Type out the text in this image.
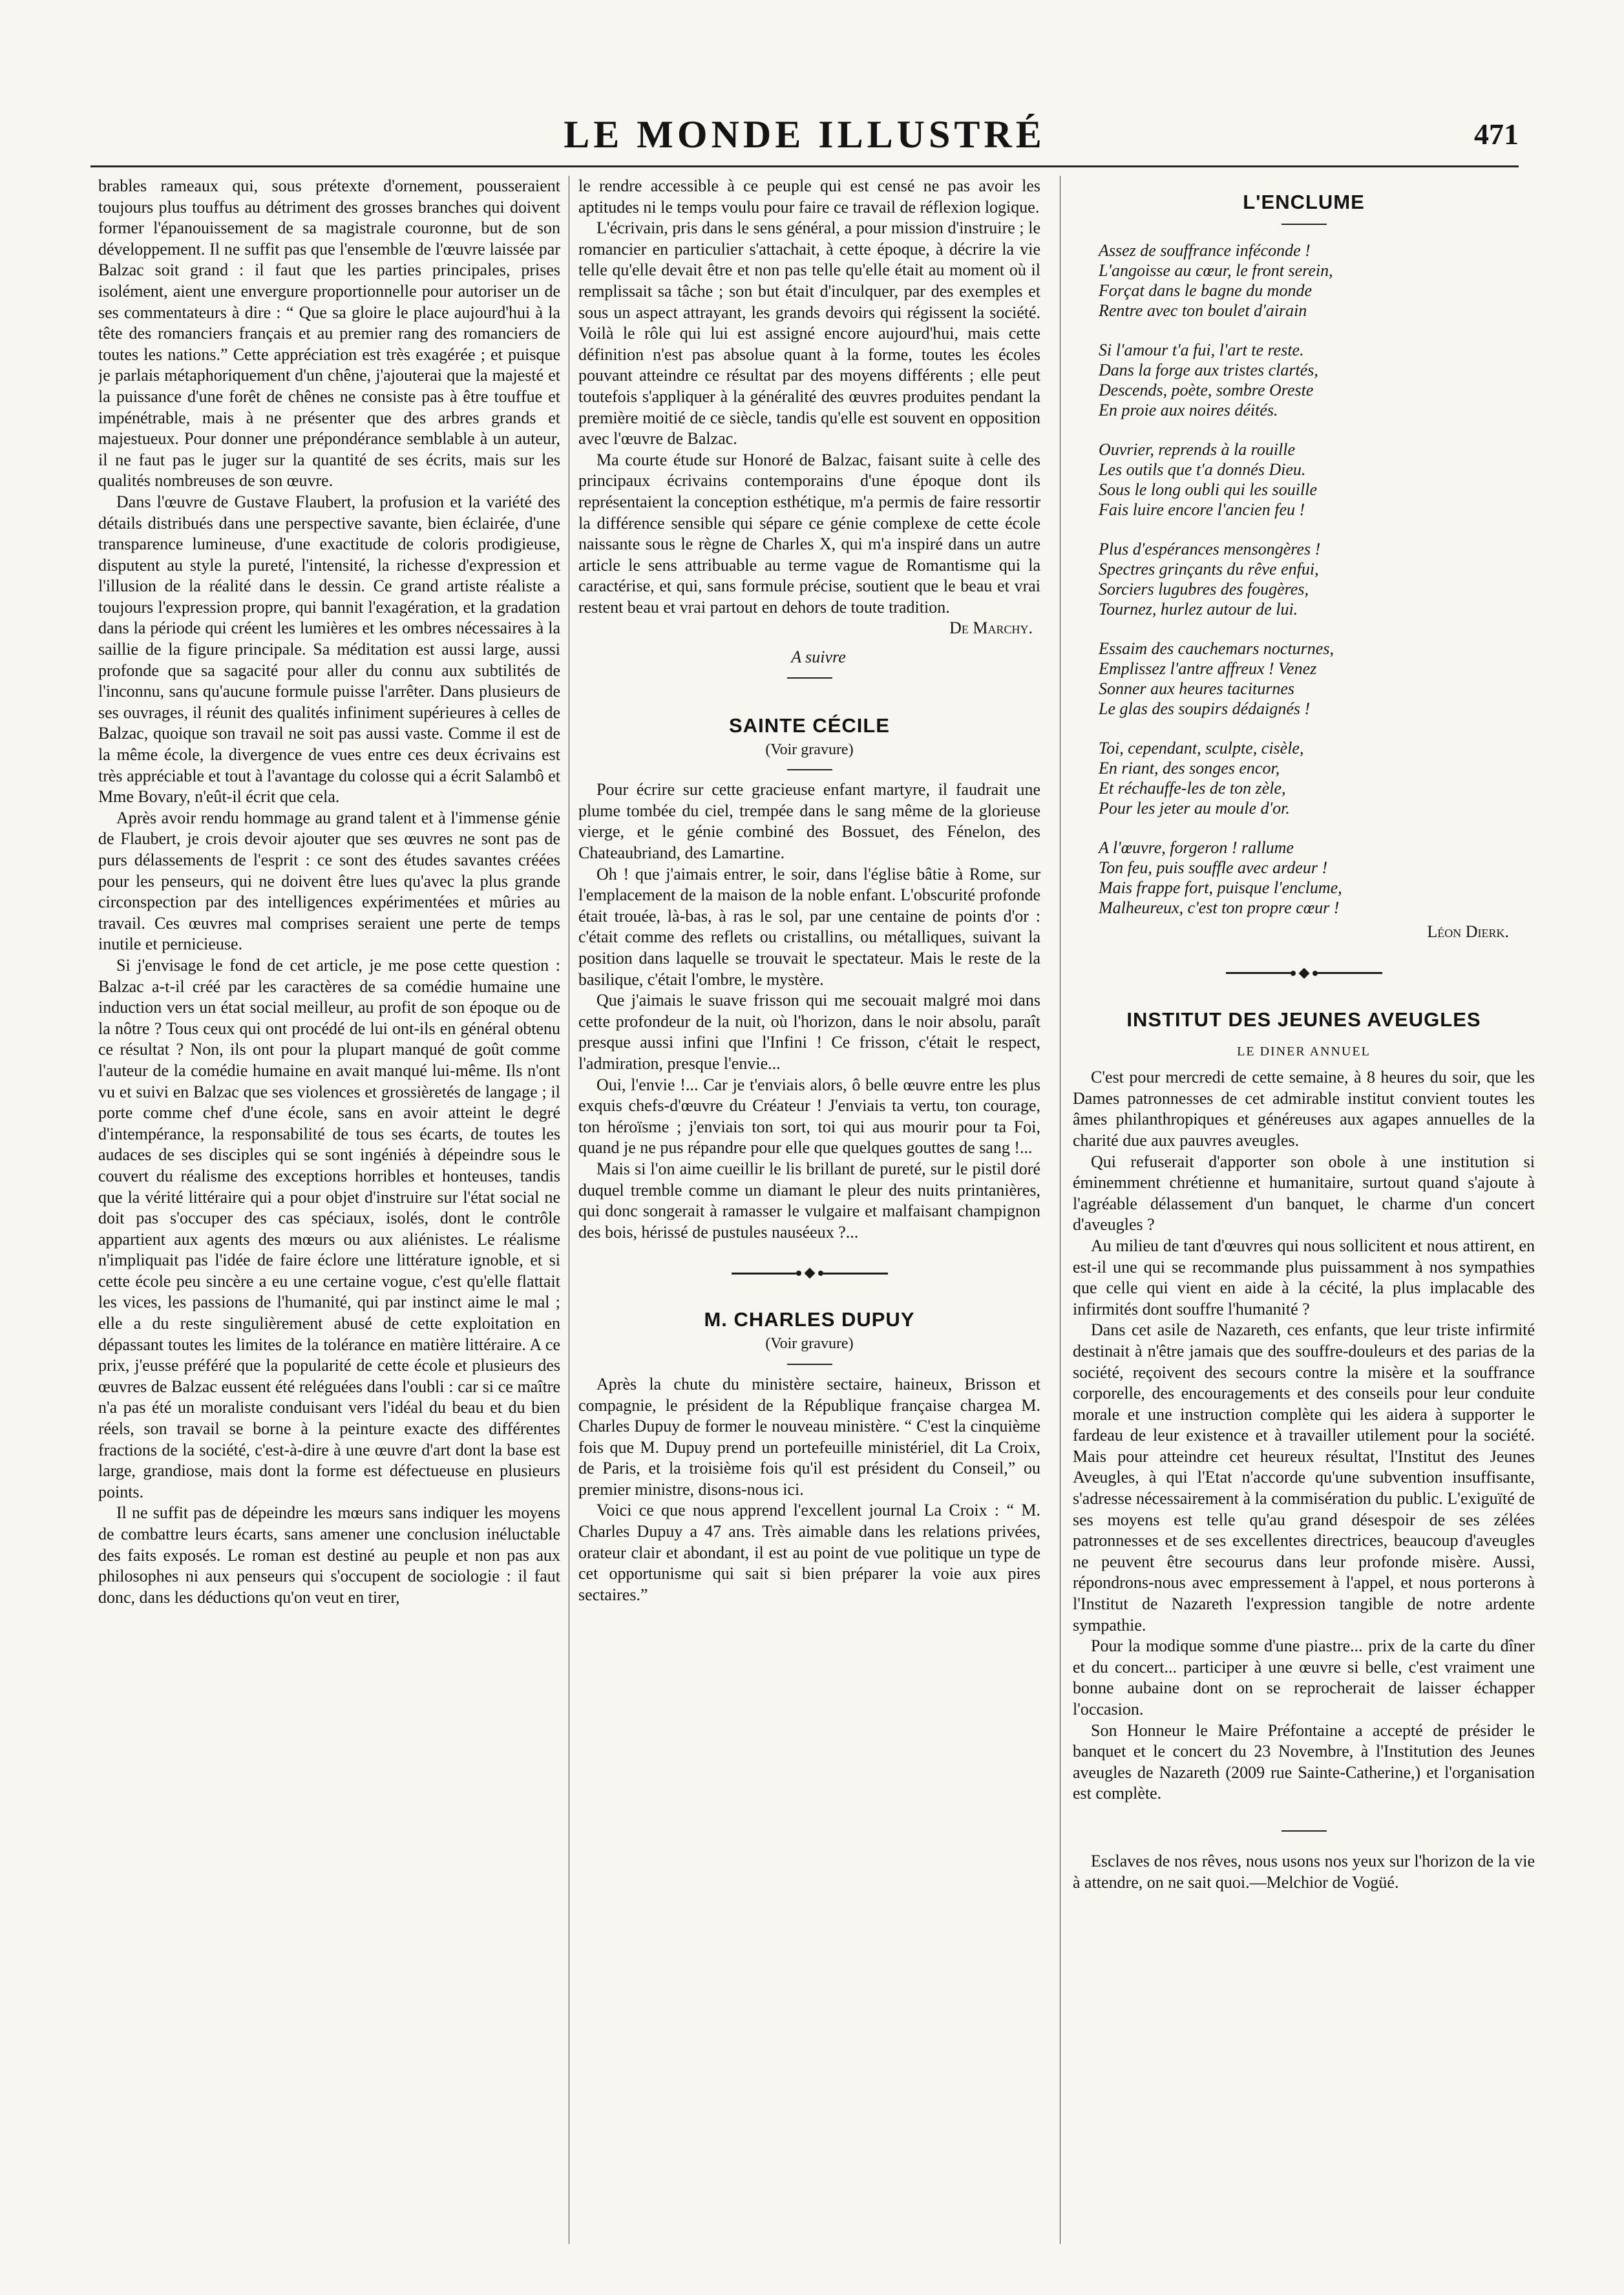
LE MONDE ILLUSTRÉ	471

brables rameaux qui, sous prétexte d'ornement, pousseraient toujours plus touffus au détriment des grosses branches qui doivent former l'épanouissement de sa magistrale couronne, but de son développement. Il ne suffit pas que l'ensemble de l'œuvre laissée par Balzac soit grand : il faut que les parties principales, prises isolément, aient une envergure proportionnelle pour autoriser un de ses commentateurs à dire : “ Que sa gloire le place aujourd'hui à la tête des romanciers français et au premier rang des romanciers de toutes les nations.” Cette appréciation est très exagérée ; et puisque je parlais métaphoriquement d'un chêne, j'ajouterai que la majesté et la puissance d'une forêt de chênes ne consiste pas à être touffue et impénétrable, mais à ne présenter que des arbres grands et majestueux. Pour donner une prépondérance semblable à un auteur, il ne faut pas le juger sur la quantité de ses écrits, mais sur les qualités nombreuses de son œuvre.

Dans l'œuvre de Gustave Flaubert, la profusion et la variété des détails distribués dans une perspective savante, bien éclairée, d'une transparence lumineuse, d'une exactitude de coloris prodigieuse, disputent au style la pureté, l'intensité, la richesse d'expression et l'illusion de la réalité dans le dessin. Ce grand artiste réaliste a toujours l'expression propre, qui bannit l'exagération, et la gradation dans la période qui créent les lumières et les ombres nécessaires à la saillie de la figure principale. Sa méditation est aussi large, aussi profonde que sa sagacité pour aller du connu aux subtilités de l'inconnu, sans qu'aucune formule puisse l'arrêter. Dans plusieurs de ses ouvrages, il réunit des qualités infiniment supérieures à celles de Balzac, quoique son travail ne soit pas aussi vaste. Comme il est de la même école, la divergence de vues entre ces deux écrivains est très appréciable et tout à l'avantage du colosse qui a écrit Salambô et Mme Bovary, n'eût-il écrit que cela.

Après avoir rendu hommage au grand talent et à l'immense génie de Flaubert, je crois devoir ajouter que ses œuvres ne sont pas de purs délassements de l'esprit : ce sont des études savantes créées pour les penseurs, qui ne doivent être lues qu'avec la plus grande circonspection par des intelligences expérimentées et mûries au travail. Ces œuvres mal comprises seraient une perte de temps inutile et pernicieuse.

Si j'envisage le fond de cet article, je me pose cette question : Balzac a-t-il créé par les caractères de sa comédie humaine une induction vers un état social meilleur, au profit de son époque ou de la nôtre ? Tous ceux qui ont procédé de lui ont-ils en général obtenu ce résultat ? Non, ils ont pour la plupart manqué de goût comme l'auteur de la comédie humaine en avait manqué lui-même. Ils n'ont vu et suivi en Balzac que ses violences et grossièretés de langage ; il porte comme chef d'une école, sans en avoir atteint le degré d'intempérance, la responsabilité de tous ses écarts, de toutes les audaces de ses disciples qui se sont ingéniés à dépeindre sous le couvert du réalisme des exceptions horribles et honteuses, tandis que la vérité littéraire qui a pour objet d'instruire sur l'état social ne doit pas s'occuper des cas spéciaux, isolés, dont le contrôle appartient aux agents des mœurs ou aux aliénistes. Le réalisme n'impliquait pas l'idée de faire éclore une littérature ignoble, et si cette école peu sincère a eu une certaine vogue, c'est qu'elle flattait les vices, les passions de l'humanité, qui par instinct aime le mal ; elle a du reste singulièrement abusé de cette exploitation en dépassant toutes les limites de la tolérance en matière littéraire. A ce prix, j'eusse préféré que la popularité de cette école et plusieurs des œuvres de Balzac eussent été reléguées dans l'oubli : car si ce maître n'a pas été un moraliste conduisant vers l'idéal du beau et du bien réels, son travail se borne à la peinture exacte des différentes fractions de la société, c'est-à-dire à une œuvre d'art dont la base est large, grandiose, mais dont la forme est défectueuse en plusieurs points.

Il ne suffit pas de dépeindre les mœurs sans indiquer les moyens de combattre leurs écarts, sans amener une conclusion inéluctable des faits exposés. Le roman est destiné au peuple et non pas aux philosophes ni aux penseurs qui s'occupent de sociologie : il faut donc, dans les déductions qu'on veut en tirer,

le rendre accessible à ce peuple qui est censé ne pas avoir les aptitudes ni le temps voulu pour faire ce travail de réflexion logique.

L'écrivain, pris dans le sens général, a pour mission d'instruire ; le romancier en particulier s'attachait, à cette époque, à décrire la vie telle qu'elle devait être et non pas telle qu'elle était au moment où il remplissait sa tâche ; son but était d'inculquer, par des exemples et sous un aspect attrayant, les grands devoirs qui régissent la société. Voilà le rôle qui lui est assigné encore aujourd'hui, mais cette définition n'est pas absolue quant à la forme, toutes les écoles pouvant atteindre ce résultat par des moyens différents ; elle peut toutefois s'appliquer à la généralité des œuvres produites pendant la première moitié de ce siècle, tandis qu'elle est souvent en opposition avec l'œuvre de Balzac.

Ma courte étude sur Honoré de Balzac, faisant suite à celle des principaux écrivains contemporains d'une époque dont ils représentaient la conception esthétique, m'a permis de faire ressortir la différence sensible qui sépare ce génie complexe de cette école naissante sous le règne de Charles X, qui m'a inspiré dans un autre article le sens attribuable au terme vague de Romantisme qui la caractérise, et qui, sans formule précise, soutient que le beau et vrai restent beau et vrai partout en dehors de toute tradition.

De Marchy.

A suivre

SAINTE CÉCILE
(Voir gravure)

Pour écrire sur cette gracieuse enfant martyre, il faudrait une plume tombée du ciel, trempée dans le sang même de la glorieuse vierge, et le génie combiné des Bossuet, des Fénelon, des Chateaubriand, des Lamartine.

Oh ! que j'aimais entrer, le soir, dans l'église bâtie à Rome, sur l'emplacement de la maison de la noble enfant. L'obscurité profonde était trouée, là-bas, à ras le sol, par une centaine de points d'or : c'était comme des reflets ou cristallins, ou métalliques, suivant la position dans laquelle se trouvait le spectateur. Mais le reste de la basilique, c'était l'ombre, le mystère.

Que j'aimais le suave frisson qui me secouait malgré moi dans cette profondeur de la nuit, où l'horizon, dans le noir absolu, paraît presque aussi infini que l'Infini ! Ce frisson, c'était le respect, l'admiration, presque l'envie...

Oui, l'envie !... Car je t'enviais alors, ô belle œuvre entre les plus exquis chefs-d'œuvre du Créateur ! J'enviais ta vertu, ton courage, ton héroïsme ; j'enviais ton sort, toi qui aus mourir pour ta Foi, quand je ne pus répandre pour elle que quelques gouttes de sang !...

Mais si l'on aime cueillir le lis brillant de pureté, sur le pistil doré duquel tremble comme un diamant le pleur des nuits printanières, qui donc songerait à ramasser le vulgaire et malfaisant champignon des bois, hérissé de pustules nauséeux ?...

M. CHARLES DUPUY
(Voir gravure)

Après la chute du ministère sectaire, haineux, Brisson et compagnie, le président de la République française chargea M. Charles Dupuy de former le nouveau ministère. “ C'est la cinquième fois que M. Dupuy prend un portefeuille ministériel, dit La Croix, de Paris, et la troisième fois qu'il est président du Conseil,” ou premier ministre, disons-nous ici.

Voici ce que nous apprend l'excellent journal La Croix : “ M. Charles Dupuy a 47 ans. Très aimable dans les relations privées, orateur clair et abondant, il est au point de vue politique un type de cet opportunisme qui sait si bien préparer la voie aux pires sectaires.”

L'ENCLUME
Assez de souffrance inféconde !
L'angoisse au cœur, le front serein,
Forçat dans le bagne du monde
Rentre avec ton boulet d'airain
Si l'amour t'a fui, l'art te reste.
Dans la forge aux tristes clartés,
Descends, poète, sombre Oreste
En proie aux noires déités.
Ouvrier, reprends à la rouille
Les outils que t'a donnés Dieu.
Sous le long oubli qui les souille
Fais luire encore l'ancien feu !
Plus d'espérances mensongères !
Spectres grinçants du rêve enfui,
Sorciers lugubres des fougères,
Tournez, hurlez autour de lui.
Essaim des cauchemars nocturnes,
Emplissez l'antre affreux ! Venez
Sonner aux heures taciturnes
Le glas des soupirs dédaignés !
Toi, cependant, sculpte, cisèle,
En riant, des songes encor,
Et réchauffe-les de ton zèle,
Pour les jeter au moule d'or.
A l'œuvre, forgeron ! rallume
Ton feu, puis souffle avec ardeur !
Mais frappe fort, puisque l'enclume,
Malheureux, c'est ton propre cœur !

Léon Dierk.

INSTITUT DES JEUNES AVEUGLES
LE DINER ANNUEL

C'est pour mercredi de cette semaine, à 8 heures du soir, que les Dames patronnesses de cet admirable institut convient toutes les âmes philanthropiques et généreuses aux agapes annuelles de la charité due aux pauvres aveugles.

Qui refuserait d'apporter son obole à une institution si éminemment chrétienne et humanitaire, surtout quand s'ajoute à l'agréable délassement d'un banquet, le charme d'un concert d'aveugles ?

Au milieu de tant d'œuvres qui nous sollicitent et nous attirent, en est-il une qui se recommande plus puissamment à nos sympathies que celle qui vient en aide à la cécité, la plus implacable des infirmités dont souffre l'humanité ?

Dans cet asile de Nazareth, ces enfants, que leur triste infirmité destinait à n'être jamais que des souffre-douleurs et des parias de la société, reçoivent des secours contre la misère et la souffrance corporelle, des encouragements et des conseils pour leur conduite morale et une instruction complète qui les aidera à supporter le fardeau de leur existence et à travailler utilement pour la société. Mais pour atteindre cet heureux résultat, l'Institut des Jeunes Aveugles, à qui l'Etat n'accorde qu'une subvention insuffisante, s'adresse nécessairement à la commisération du public. L'exiguïté de ses moyens est telle qu'au grand désespoir de ses zélées patronnesses et de ses excellentes directrices, beaucoup d'aveugles ne peuvent être secourus dans leur profonde misère. Aussi, répondrons-nous avec empressement à l'appel, et nous porterons à l'Institut de Nazareth l'expression tangible de notre ardente sympathie.

Pour la modique somme d'une piastre... prix de la carte du dîner et du concert... participer à une œuvre si belle, c'est vraiment une bonne aubaine dont on se reprocherait de laisser échapper l'occasion.

Son Honneur le Maire Préfontaine a accepté de présider le banquet et le concert du 23 Novembre, à l'Institution des Jeunes aveugles de Nazareth (2009 rue Sainte-Catherine,) et l'organisation est complète.

Esclaves de nos rêves, nous usons nos yeux sur l'horizon de la vie à attendre, on ne sait quoi.—Melchior de Vogüé.
